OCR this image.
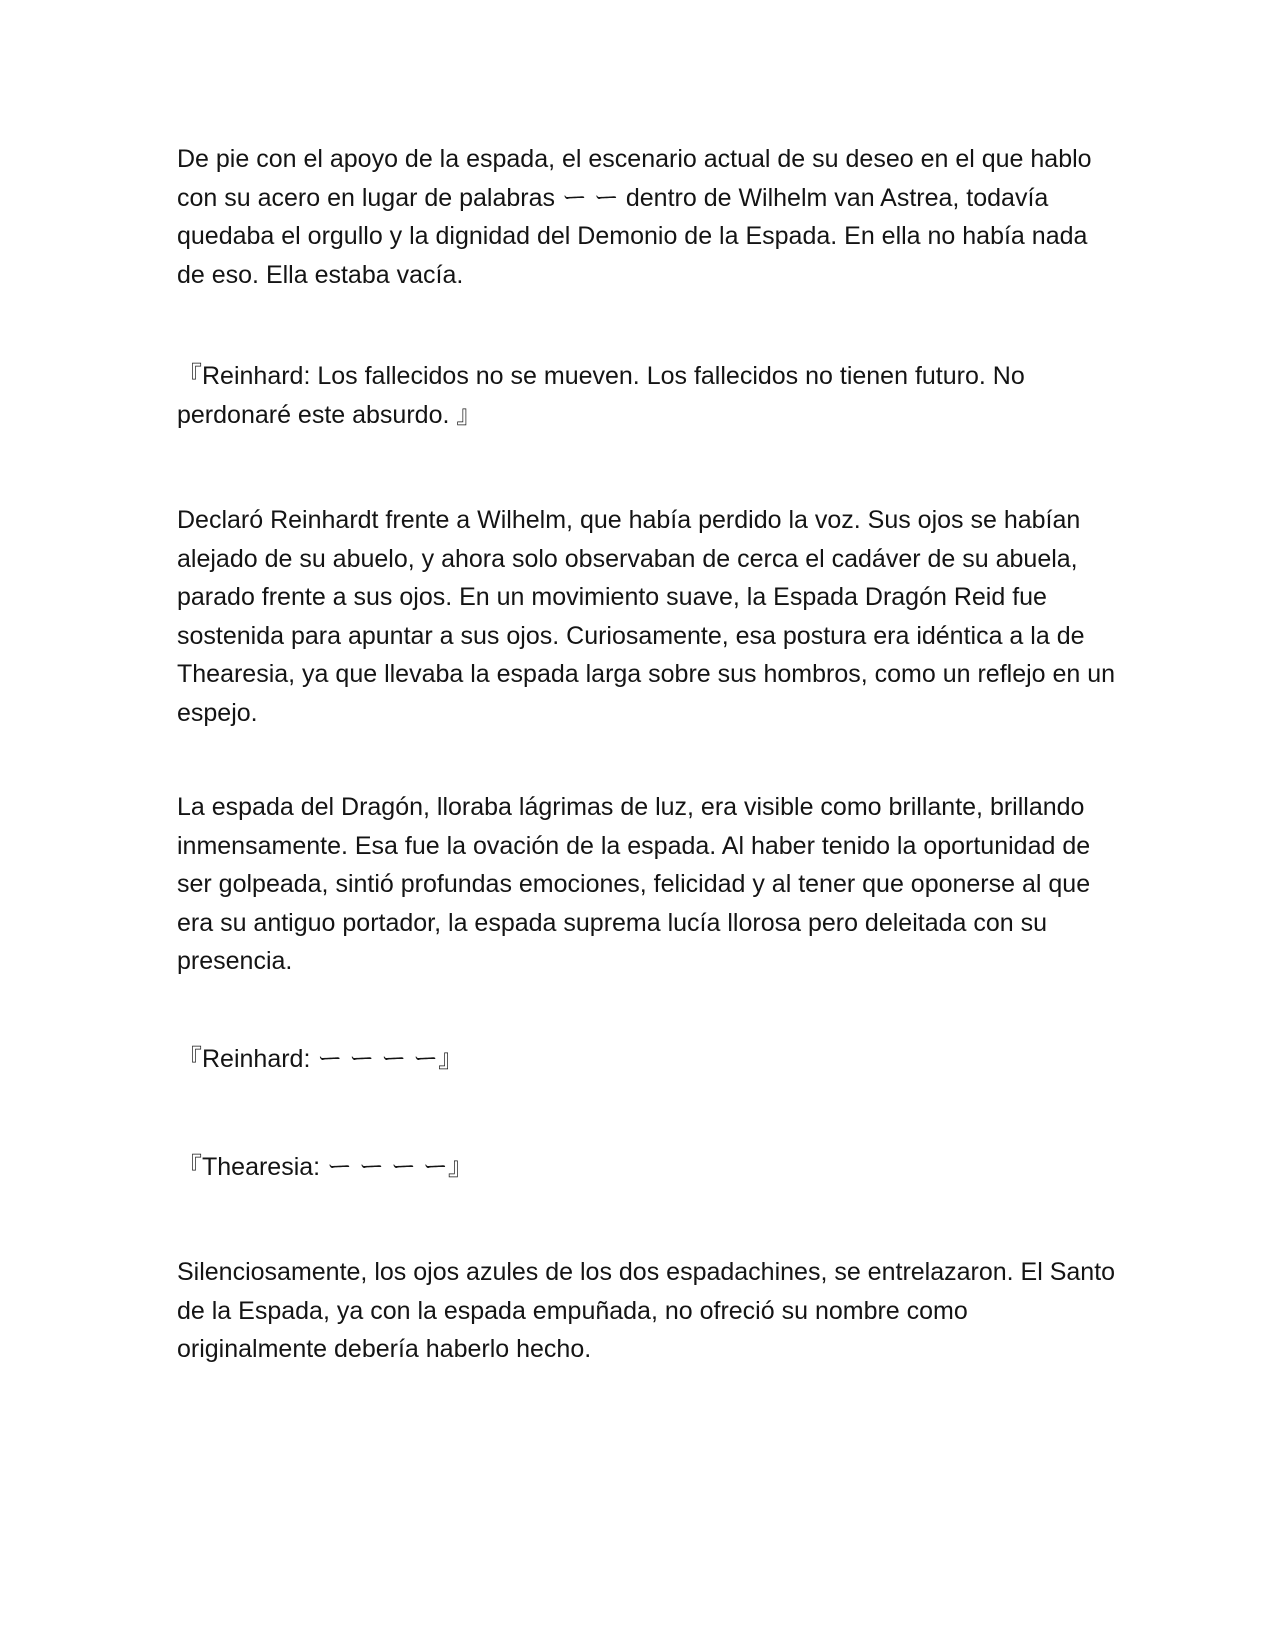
De pie con el apoyo de la espada, el escenario actual de su deseo en el que hablo con su acero en lugar de palabras ー ー dentro de Wilhelm van Astrea, todavía quedaba el orgullo y la dignidad del Demonio de la Espada. En ella no había nada de eso. Ella estaba vacía.

『Reinhard: Los fallecidos no se mueven. Los fallecidos no tienen futuro. No perdonaré este absurdo. 』

Declaró Reinhardt frente a Wilhelm, que había perdido la voz. Sus ojos se habían alejado de su abuelo, y ahora solo observaban de cerca el cadáver de su abuela, parado frente a sus ojos. En un movimiento suave, la Espada Dragón Reid fue sostenida para apuntar a sus ojos. Curiosamente, esa postura era idéntica a la de Thearesia, ya que llevaba la espada larga sobre sus hombros, como un reflejo en un espejo.

La espada del Dragón, lloraba lágrimas de luz, era visible como brillante, brillando inmensamente. Esa fue la ovación de la espada. Al haber tenido la oportunidad de ser golpeada, sintió profundas emociones, felicidad y al tener que oponerse al que era su antiguo portador, la espada suprema lucía llorosa pero deleitada con su presencia.

『Reinhard: ー ー ー ー』

『Thearesia: ー ー ー ー』

Silenciosamente, los ojos azules de los dos espadachines, se entrelazaron. El Santo de la Espada, ya con la espada empuñada, no ofreció su nombre como originalmente debería haberlo hecho.
